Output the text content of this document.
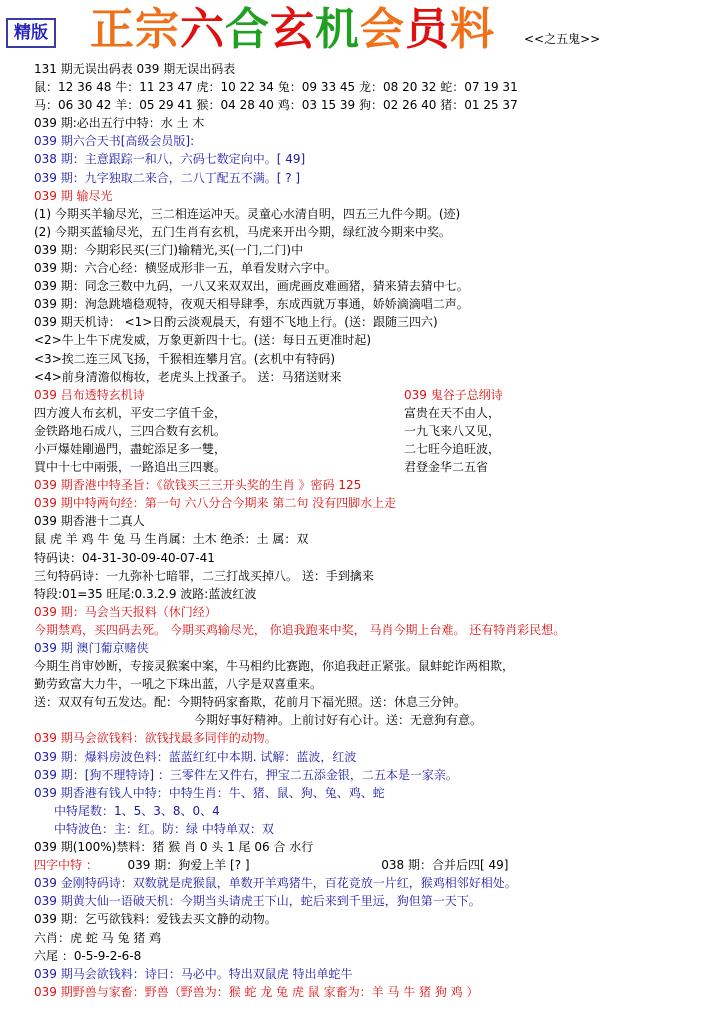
精版 正宗六合玄机会员料 <<之五鬼>>
131 期无误出码表 039 期无误出码表
鼠：12 36 48 牛：11 23 47 虎：10 22 34 兔：09 33 45 龙：08 20 32 蛇：07 19 31
马：06 30 42 羊：05 29 41 猴：04 28 40 鸡：03 15 39 狗：02 26 40 猪：01 25 37
039 期:必出五行中特：水 土 木
039 期六合天书[高级会员版]:
038 期：主意跟踪一和八，六码七数定向中。[ 49]
039 期：九字独取二来合，二八丁配五不满。[ ? ]
039 期 输尽光
(1) 今期买羊输尽光，三二相连运冲天。灵童心水清自明，四五三九件今期。(迹)
(2) 今期买蓝输尽光，五门生肖有玄机，马虎来开出今期，绿红波今期来中奖。
039 期：今期彩民买(三门)输精光,买(一门,二门)中
039 期：六合心经：横竖成形非一五，单看发财六字中。
039 期：同念三数中九码，一八又来双双出，画虎画皮难画猪，猜来猜去猜中七。
039 期：洵急跳墙稳观特，夜观天相导肆季，东成西就万事通，娇娇滴滴唱二声。
039 期天机诗： <1>日酌云淡观晨天，有翅不飞地上行。(送：跟随三四六)
<2>牛上牛下虎发威，万象更新四十七。(送：每日五更准时起)
<3>挨二连三风飞扬，千猴相连攀月宫。(玄机中有特码)
<4>前身清澹似梅妆，老虎头上找蚤子。 送：马猪送财来
039 吕布透特玄机诗	039 鬼谷子总纲诗
四方渡人布玄机，平安二字值千金，	富贵在天不由人，
金铁路地石成八，三四合数有玄机。	一九飞来八又见，
小戸爆娃剛過門，盡蛇添足多一雙，	二七旺今追旺波，
買中十七中兩張，一路追出三四裹。	君登金华二五省
039 期香港中特圣旨：《欲钱买三三开头奖的生肖 》密码 125
039 期中特两句经：第一句 六八分合今期来 第二句 没有四脚水上走
039 期香港十二真人
鼠 虎 羊 鸡 牛 兔 马 生肖属：土木 绝杀：土 属：双
特码诀：04-31-30-09-40-07-41
三句特码诗：一九弥补七暗罪，二三打战买掉八。 送：手到擒来
特段:01=35 旺尾:0.3.2.9 波路:蓝波红波
039 期：马会当天报料（休门经）
今期禁鸡，买四码去死。 今期买鸡输尽光， 你追我跑来中奖， 马肖今期上台难。 还有特肖彩民想。
039 期 澳门葡京赌侠
今期生肖审妙断，专接灵猴案中案，牛马相约比赛跑，你追我赶正紧张。鼠蚌蛇诈两相欺，
勤劳致富大力牛，一吼之下珠出蓝，八字是双喜重来。
送：双双有句五发达。配：今期特码家畜欺，花前月下福光照。送：休息三分钟。
今期好事好精神。上前讨好有心计。送：无意狗有意。
039 期马会欲钱料：欲钱找最多同伴的动物。
039 期：爆料房波色料：蓝蓝红红中本期. 试解：蓝波，红波
039 期：[狗不理特诗] ：三零件左又件右，押宝二五添金银，二五本是一家亲。
039 期香港有钱人中特：中特生肖：牛、猪、鼠、狗、兔、鸡、蛇
中特尾数：1、5、3、8、0、4
中特波色：主：红。防：绿 中特单双：双
039 期(100%)禁料：猪 猴 肖 0 头 1 尾 06 合 水行
四字中特 ： 039 期：狗爱上羊 [? ]	038 期：合并后四[ 49]
039 金刚特码诗：双数就是虎猴鼠，单数开羊鸡猪牛，百花竞放一片红，猴鸡相邻好相处。
039 期黄大仙一语破天机：今期当头请虎王下山，蛇后来到千里远，狗但第一天下。
039 期：乞丐欲钱料：爱钱去买文静的动物。
六肖：虎 蛇 马 兔 猪 鸡
六尾 ：0-5-9-2-6-8
039 期马会欲钱料：诗曰：马必中。特出双鼠虎 特出单蛇牛
039 期野兽与家畜：野兽（野兽为：猴 蛇 龙 兔 虎 鼠 家畜为：羊 马 牛 猪 狗 鸡 ）
